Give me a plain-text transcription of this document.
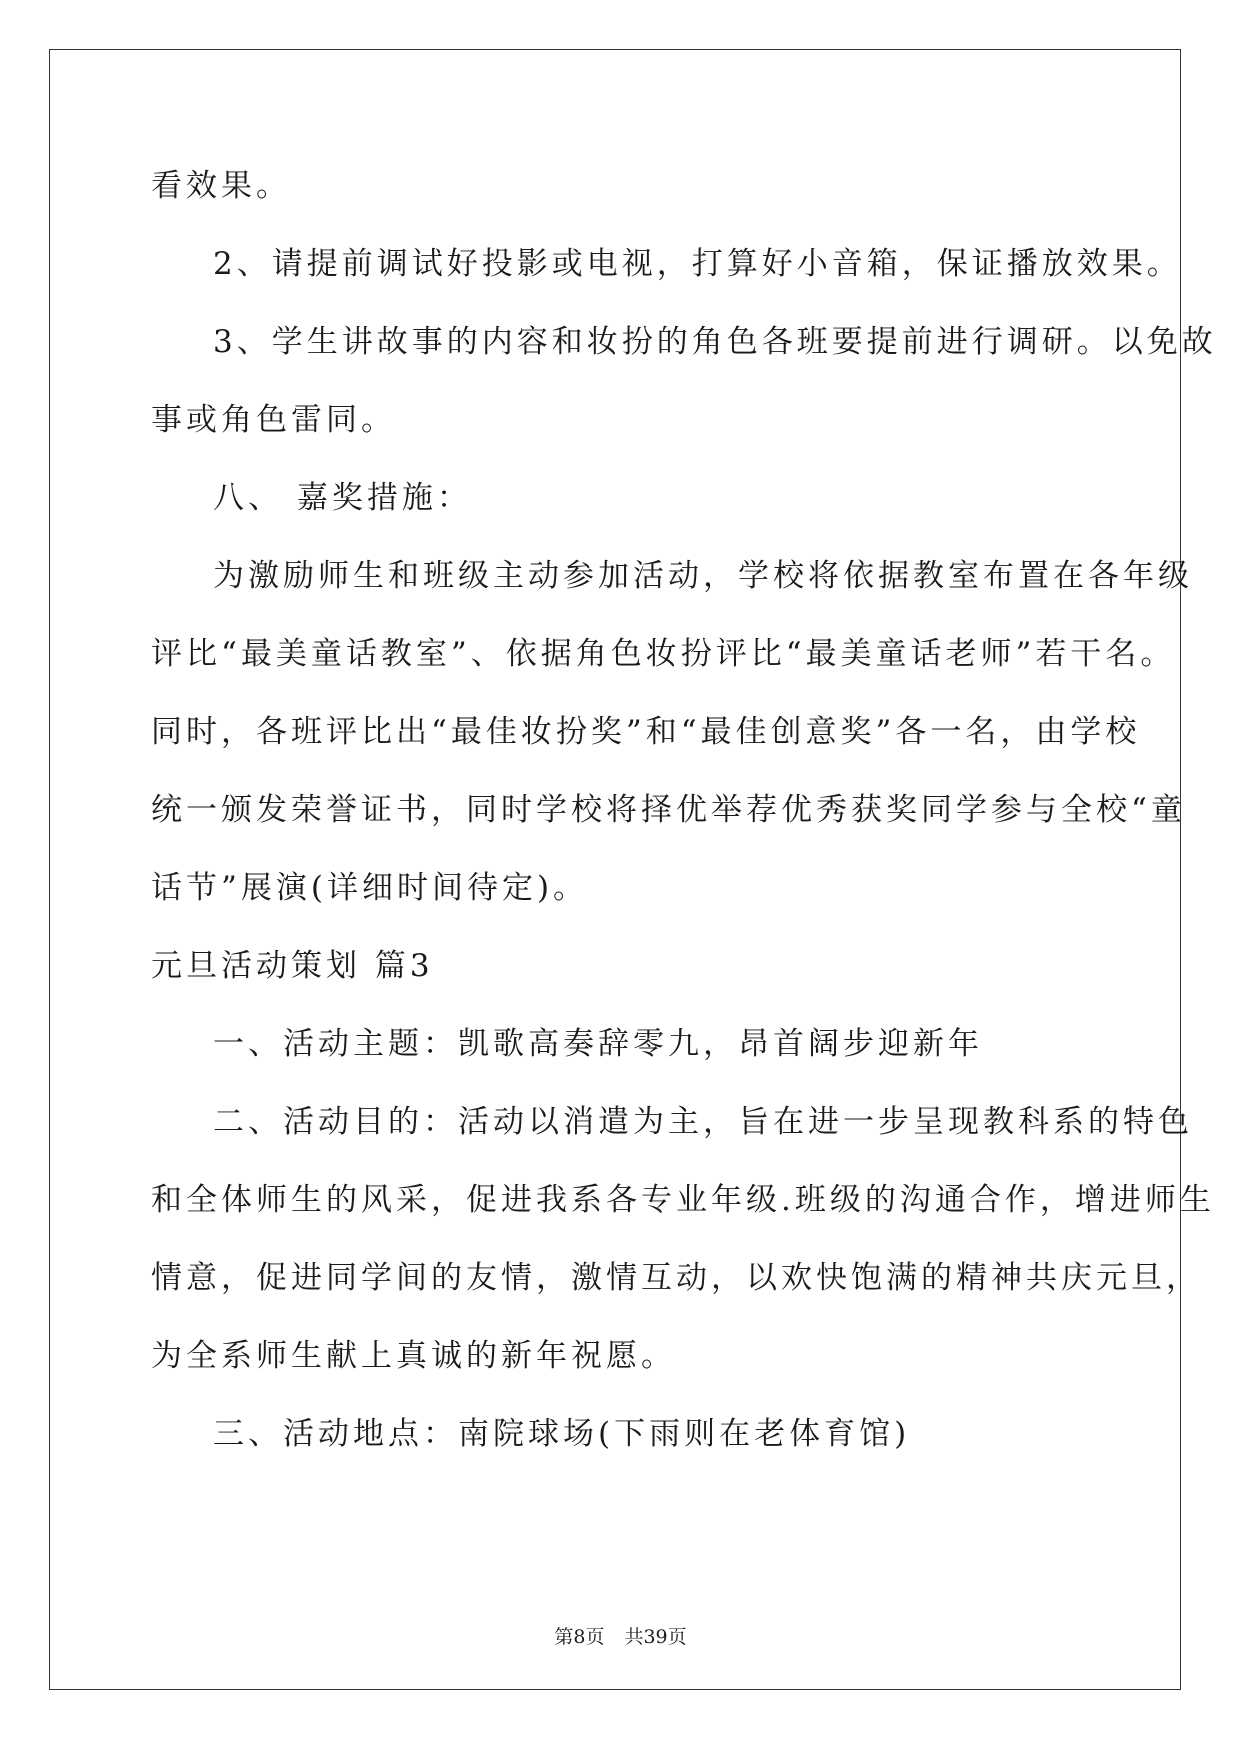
看效果。
2、请提前调试好投影或电视，打算好小音箱，保证播放效果。
3、学生讲故事的内容和妆扮的角色各班要提前进行调研。以免故
事或角色雷同。
八、 嘉奖措施：
为激励师生和班级主动参加活动，学校将依据教室布置在各年级
评比“最美童话教室”、依据角色妆扮评比“最美童话老师”若干名。
同时，各班评比出“最佳妆扮奖”和“最佳创意奖”各一名，由学校
统一颁发荣誉证书，同时学校将择优举荐优秀获奖同学参与全校“童
话节”展演(详细时间待定)。
元旦活动策划 篇3
一、活动主题：凯歌高奏辞零九，昂首阔步迎新年
二、活动目的：活动以消遣为主，旨在进一步呈现教科系的特色
和全体师生的风采，促进我系各专业年级.班级的沟通合作，增进师生
情意，促进同学间的友情，激情互动，以欢快饱满的精神共庆元旦，
为全系师生献上真诚的新年祝愿。
三、活动地点：南院球场(下雨则在老体育馆)
第8页 共39页
